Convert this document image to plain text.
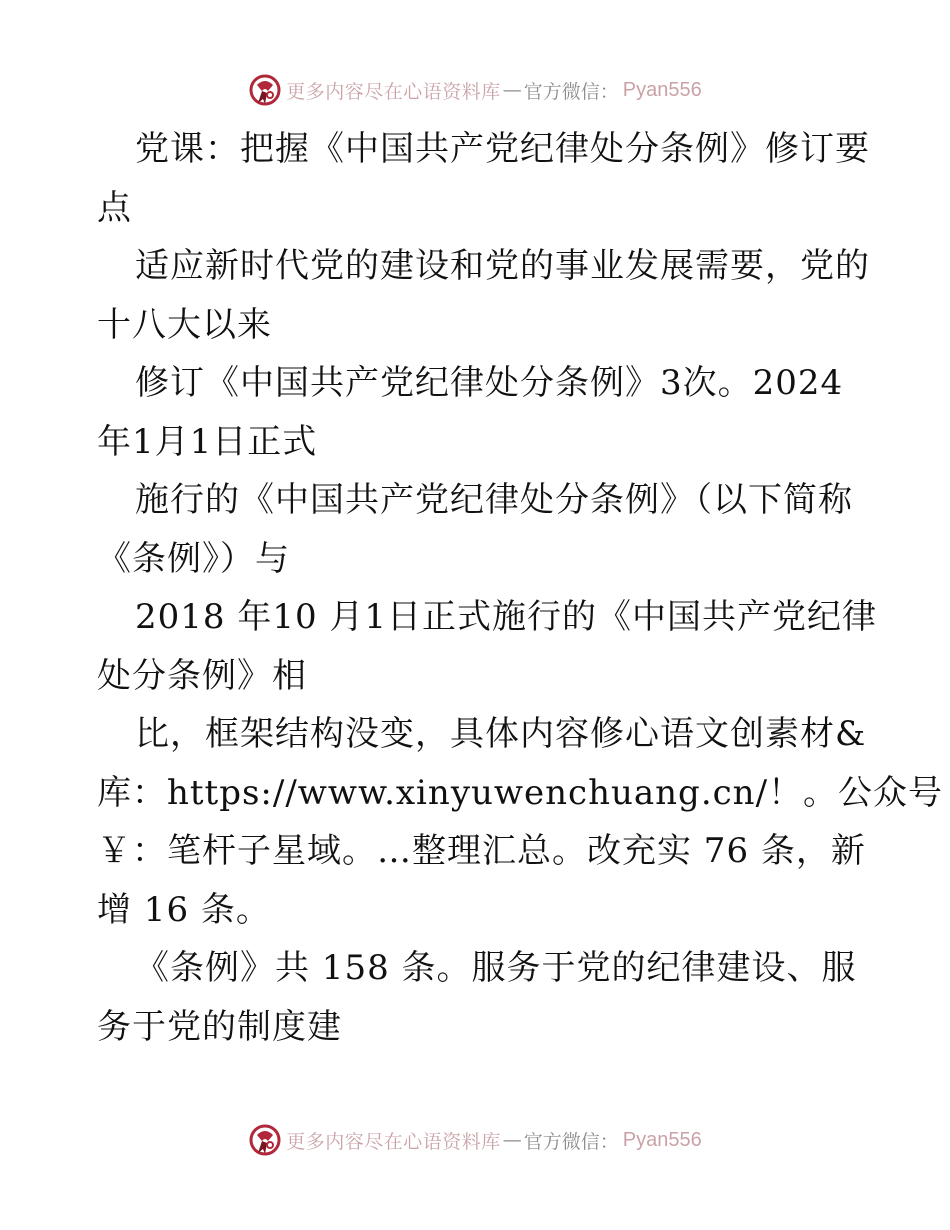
更多内容尽在心语资料库 — 官方微信： Pyan556
党课：把握《中国共产党纪律处分条例》修订要
点
适应新时代党的建设和党的事业发展需要，党的
十八大以来
修订《中国共产党纪律处分条例》3次。2024
年1月1日正式
施行的《中国共产党纪律处分条例》（以下简称
《条例》）与
2018 年10 月1日正式施行的《中国共产党纪律
处分条例》相
比，框架结构没变，具体内容修心语文创素材&
库：https://www.xinyuwenchuang.cn/！。公众号
￥：笔杆子星域。…整理汇总。改充实 76 条，新
增 16 条。
《条例》共 158 条。服务于党的纪律建设、服
务于党的制度建
更多内容尽在心语资料库 — 官方微信： Pyan556
